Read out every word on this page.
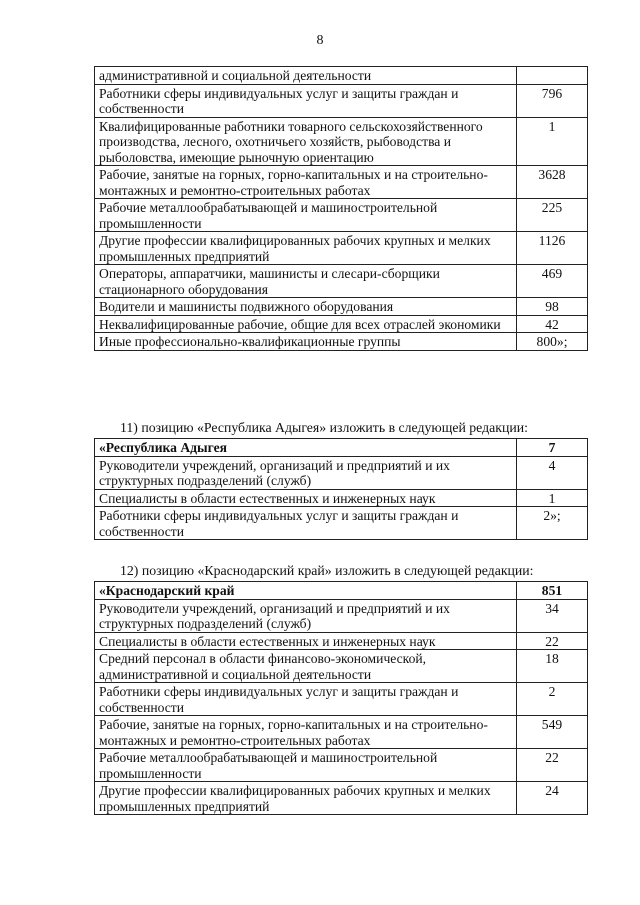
8
административной и социальной деятельности	
Работники сферы индивидуальных услуг и защиты граждан и собственности	796
Квалифицированные работники товарного сельскохозяйственного производства, лесного, охотничьего хозяйств, рыбоводства и рыболовства, имеющие рыночную ориентацию	1
Рабочие, занятые на горных, горно-капитальных и на строительно-монтажных и ремонтно-строительных работах	3628
Рабочие металлообрабатывающей и машиностроительной промышленности	225
Другие профессии квалифицированных рабочих крупных и мелких промышленных предприятий	1126
Операторы, аппаратчики, машинисты и слесари-сборщики стационарного оборудования	469
Водители и машинисты подвижного оборудования	98
Неквалифицированные рабочие, общие для всех отраслей экономики	42
Иные профессионально-квалификационные группы	800»;
11) позицию «Республика Адыгея» изложить в следующей редакции:
«Республика Адыгея	7
Руководители учреждений, организаций и предприятий и их структурных подразделений (служб)	4
Специалисты в области естественных и инженерных наук	1
Работники сферы индивидуальных услуг и защиты граждан и собственности	2»;
12) позицию «Краснодарский край» изложить в следующей редакции:
«Краснодарский край	851
Руководители учреждений, организаций и предприятий и их структурных подразделений (служб)	34
Специалисты в области естественных и инженерных наук	22
Средний персонал в области финансово-экономической, административной и социальной деятельности	18
Работники сферы индивидуальных услуг и защиты граждан и собственности	2
Рабочие, занятые на горных, горно-капитальных и на строительно-монтажных и ремонтно-строительных работах	549
Рабочие металлообрабатывающей и машиностроительной промышленности	22
Другие профессии квалифицированных рабочих крупных и мелких промышленных предприятий	24
